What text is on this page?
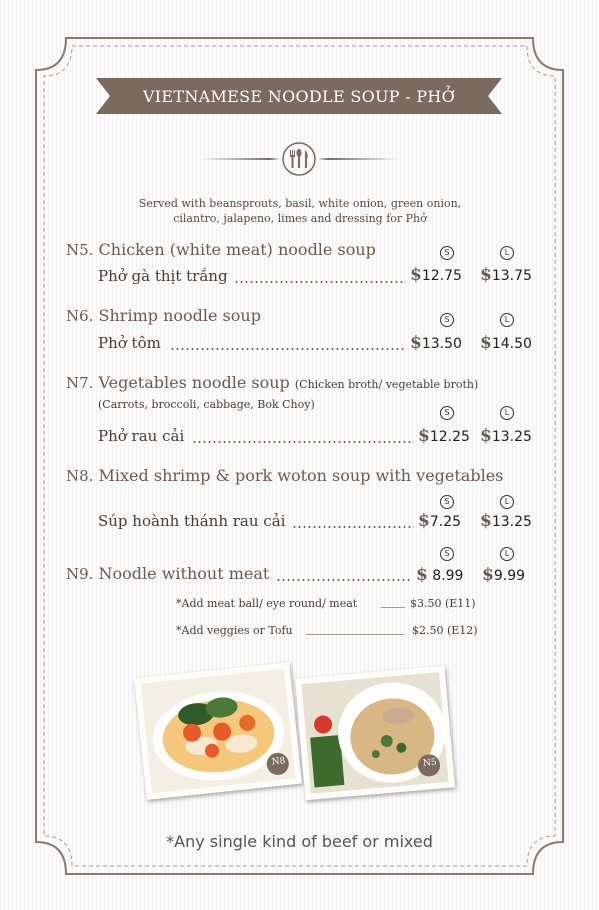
VIETNAMESE NOODLE SOUP - PHỞ
Served with beansprouts, basil, white onion, green onion,
cilantro, jalapeno, limes and dressing for Phở
N5. Chicken (white meat) noodle soup	S	L
Phở gà thịt trắng	$12.75 $13.75
N6. Shrimp noodle soup	S	L
Phở tôm	$13.50 $14.50
N7. Vegetables noodle soup (Chicken broth/ vegetable broth)
(Carrots, broccoli, cabbage, Bok Choy)
S	L
Phở rau cải	$12.25 $13.25
N8. Mixed shrimp & pork woton soup with vegetables
S	L
Súp hoành thánh rau cải	$7.25 $13.25
S	L
N9. Noodle without meat	$ 8.99 $9.99
*Add meat ball/ eye round/ meat	$3.50 (E11)
*Add veggies or Tofu	$2.50 (E12)
N8	N5
*Any single kind of beef or mixed
